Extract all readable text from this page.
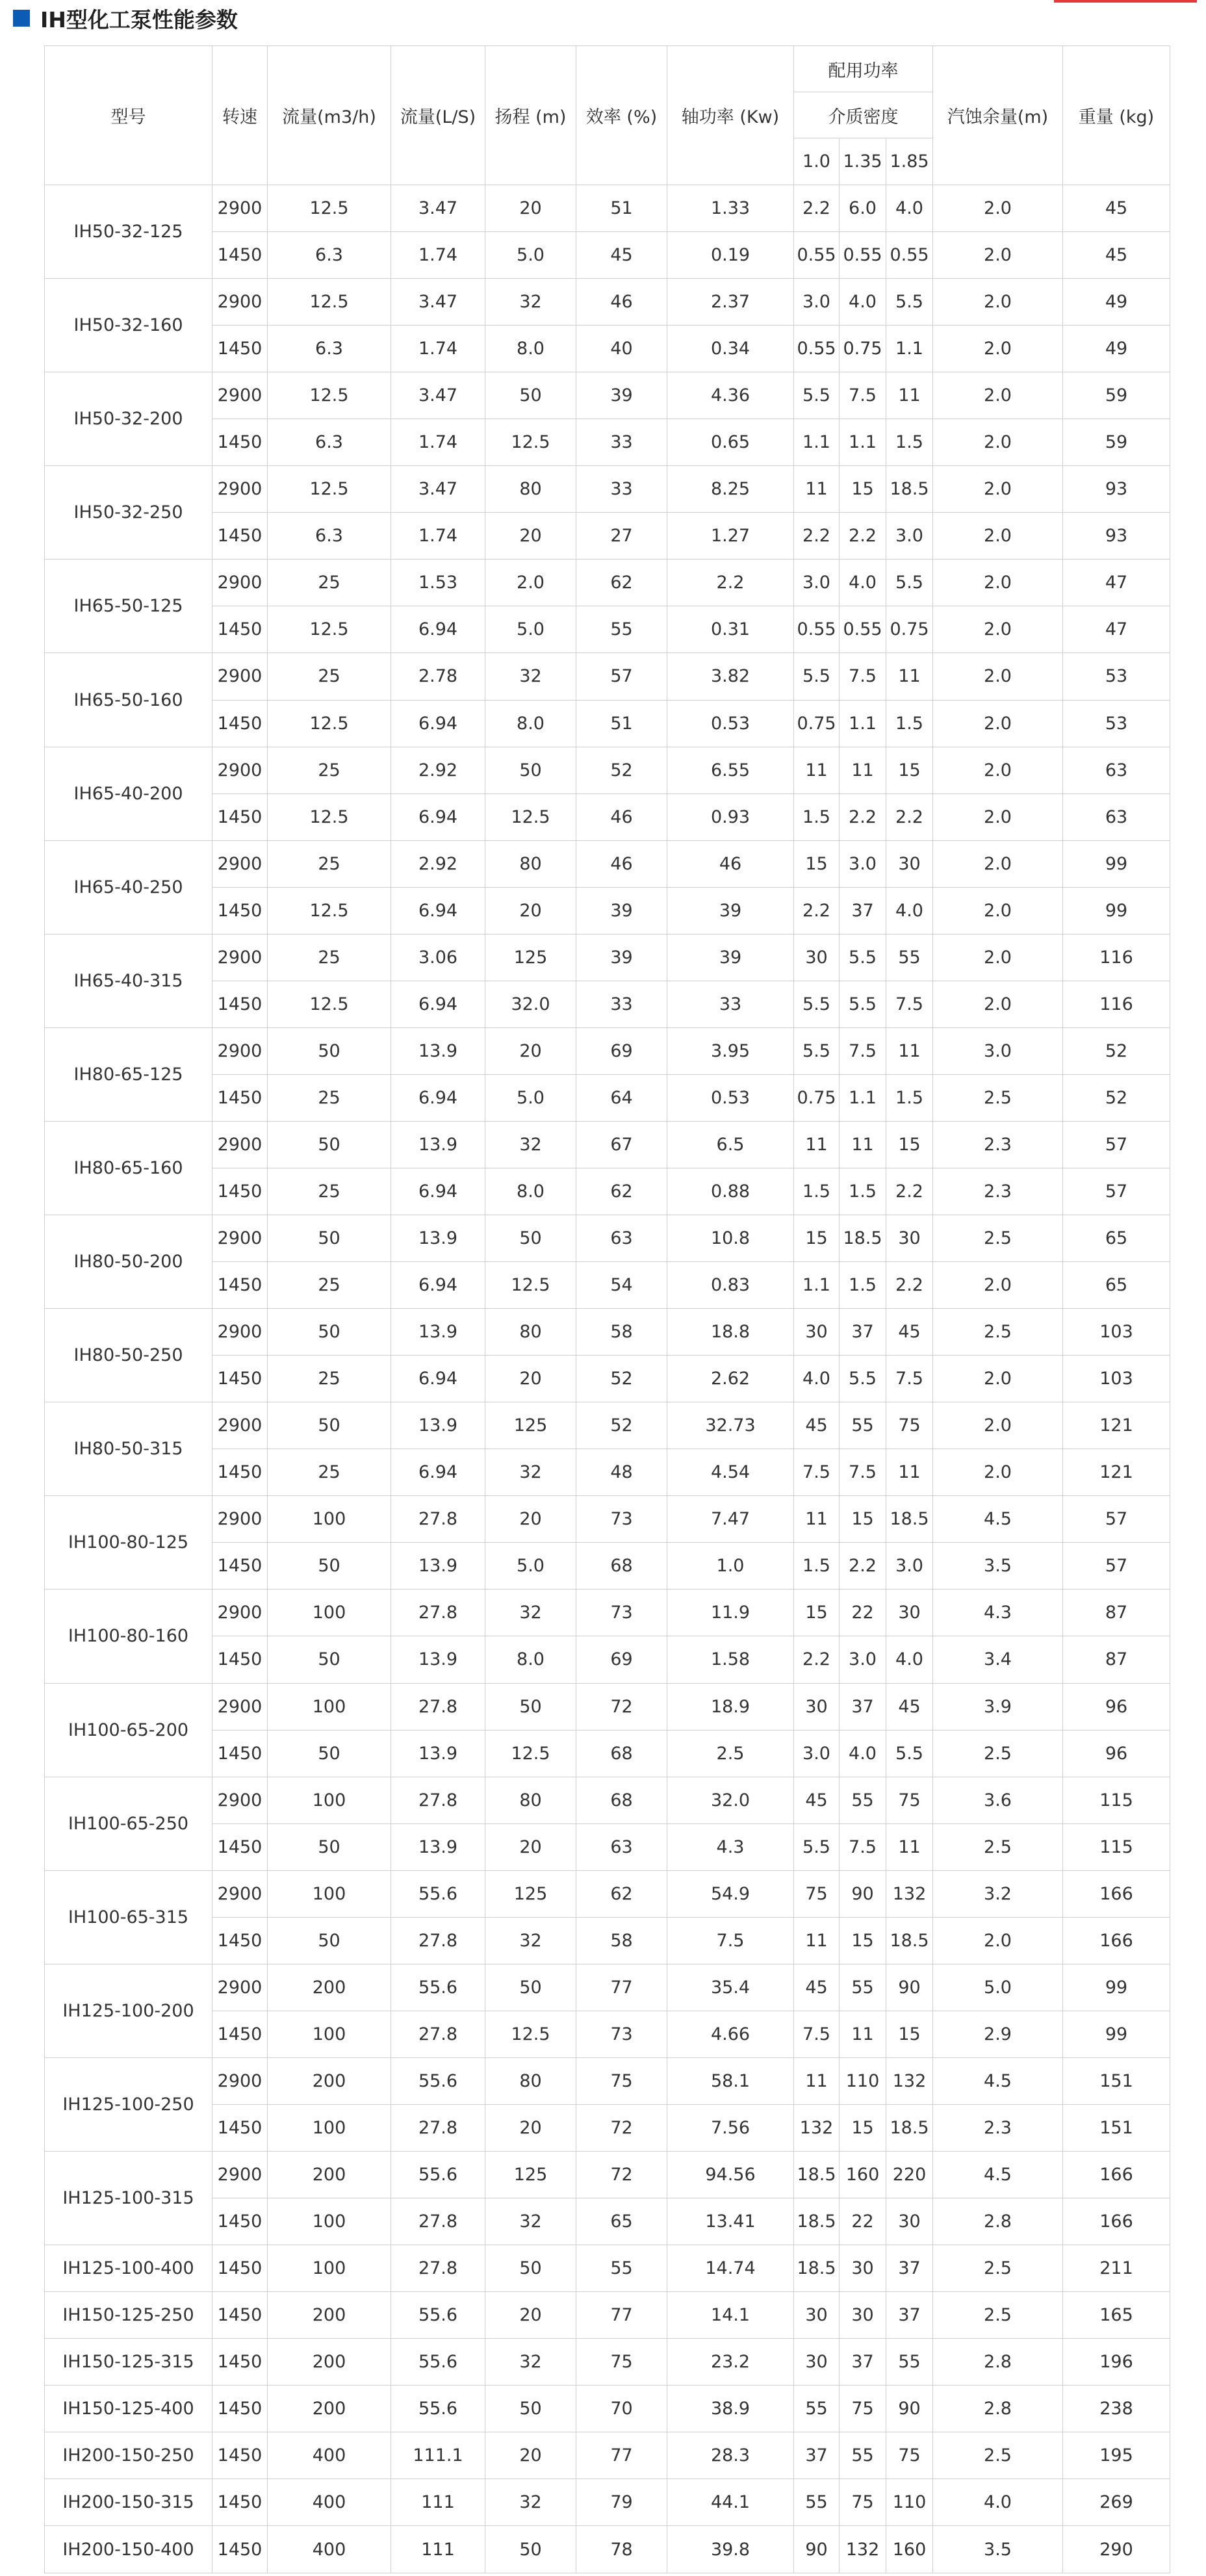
IH型化工泵性能参数
型号	转速	流量(m3/h)	流量(L/S)	扬程 (m)	效率 (%)	轴功率 (Kw)	配用功率			汽蚀余量(m)	重量 (kg)
							介质密度				
							1.0	1.35	1.85		
IH50-32-125	2900	12.5	3.47	20	51	1.33	2.2	6.0	4.0	2.0	45
	1450	6.3	1.74	5.0	45	0.19	0.55	0.55	0.55	2.0	45
IH50-32-160	2900	12.5	3.47	32	46	2.37	3.0	4.0	5.5	2.0	49
	1450	6.3	1.74	8.0	40	0.34	0.55	0.75	1.1	2.0	49
IH50-32-200	2900	12.5	3.47	50	39	4.36	5.5	7.5	11	2.0	59
	1450	6.3	1.74	12.5	33	0.65	1.1	1.1	1.5	2.0	59
IH50-32-250	2900	12.5	3.47	80	33	8.25	11	15	18.5	2.0	93
	1450	6.3	1.74	20	27	1.27	2.2	2.2	3.0	2.0	93
IH65-50-125	2900	25	1.53	2.0	62	2.2	3.0	4.0	5.5	2.0	47
	1450	12.5	6.94	5.0	55	0.31	0.55	0.55	0.75	2.0	47
IH65-50-160	2900	25	2.78	32	57	3.82	5.5	7.5	11	2.0	53
	1450	12.5	6.94	8.0	51	0.53	0.75	1.1	1.5	2.0	53
IH65-40-200	2900	25	2.92	50	52	6.55	11	11	15	2.0	63
	1450	12.5	6.94	12.5	46	0.93	1.5	2.2	2.2	2.0	63
IH65-40-250	2900	25	2.92	80	46	46	15	3.0	30	2.0	99
	1450	12.5	6.94	20	39	39	2.2	37	4.0	2.0	99
IH65-40-315	2900	25	3.06	125	39	39	30	5.5	55	2.0	116
	1450	12.5	6.94	32.0	33	33	5.5	5.5	7.5	2.0	116
IH80-65-125	2900	50	13.9	20	69	3.95	5.5	7.5	11	3.0	52
	1450	25	6.94	5.0	64	0.53	0.75	1.1	1.5	2.5	52
IH80-65-160	2900	50	13.9	32	67	6.5	11	11	15	2.3	57
	1450	25	6.94	8.0	62	0.88	1.5	1.5	2.2	2.3	57
IH80-50-200	2900	50	13.9	50	63	10.8	15	18.5	30	2.5	65
	1450	25	6.94	12.5	54	0.83	1.1	1.5	2.2	2.0	65
IH80-50-250	2900	50	13.9	80	58	18.8	30	37	45	2.5	103
	1450	25	6.94	20	52	2.62	4.0	5.5	7.5	2.0	103
IH80-50-315	2900	50	13.9	125	52	32.73	45	55	75	2.0	121
	1450	25	6.94	32	48	4.54	7.5	7.5	11	2.0	121
IH100-80-125	2900	100	27.8	20	73	7.47	11	15	18.5	4.5	57
	1450	50	13.9	5.0	68	1.0	1.5	2.2	3.0	3.5	57
IH100-80-160	2900	100	27.8	32	73	11.9	15	22	30	4.3	87
	1450	50	13.9	8.0	69	1.58	2.2	3.0	4.0	3.4	87
IH100-65-200	2900	100	27.8	50	72	18.9	30	37	45	3.9	96
	1450	50	13.9	12.5	68	2.5	3.0	4.0	5.5	2.5	96
IH100-65-250	2900	100	27.8	80	68	32.0	45	55	75	3.6	115
	1450	50	13.9	20	63	4.3	5.5	7.5	11	2.5	115
IH100-65-315	2900	100	55.6	125	62	54.9	75	90	132	3.2	166
	1450	50	27.8	32	58	7.5	11	15	18.5	2.0	166
IH125-100-200	2900	200	55.6	50	77	35.4	45	55	90	5.0	99
	1450	100	27.8	12.5	73	4.66	7.5	11	15	2.9	99
IH125-100-250	2900	200	55.6	80	75	58.1	11	110	132	4.5	151
	1450	100	27.8	20	72	7.56	132	15	18.5	2.3	151
IH125-100-315	2900	200	55.6	125	72	94.56	18.5	160	220	4.5	166
	1450	100	27.8	32	65	13.41	18.5	22	30	2.8	166
IH125-100-400	1450	100	27.8	50	55	14.74	18.5	30	37	2.5	211
IH150-125-250	1450	200	55.6	20	77	14.1	30	30	37	2.5	165
IH150-125-315	1450	200	55.6	32	75	23.2	30	37	55	2.8	196
IH150-125-400	1450	200	55.6	50	70	38.9	55	75	90	2.8	238
IH200-150-250	1450	400	111.1	20	77	28.3	37	55	75	2.5	195
IH200-150-315	1450	400	111	32	79	44.1	55	75	110	4.0	269
IH200-150-400	1450	400	111	50	78	39.8	90	132	160	3.5	290
